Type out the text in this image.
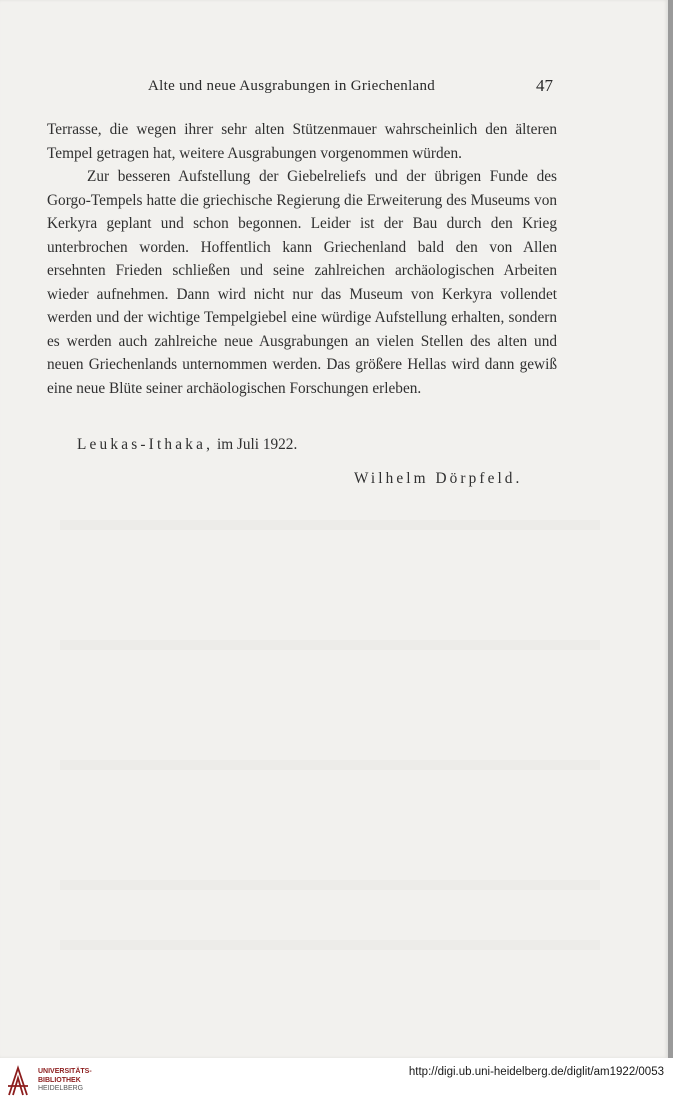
Alte und neue Ausgrabungen in Griechenland	47

Terrasse, die wegen ihrer sehr alten Stützenmauer wahrscheinlich den älteren Tempel getragen hat, weitere Ausgrabungen vorgenommen würden.

Zur besseren Aufstellung der Giebelreliefs und der übrigen Funde des Gorgo-Tempels hatte die griechische Regierung die Erweiterung des Museums von Kerkyra geplant und schon begonnen. Leider ist der Bau durch den Krieg unterbrochen worden. Hoffentlich kann Griechenland bald den von Allen ersehnten Frieden schließen und seine zahlreichen archäologischen Arbeiten wieder aufnehmen. Dann wird nicht nur das Museum von Kerkyra vollendet werden und der wichtige Tempelgiebel eine würdige Aufstellung erhalten, sondern es werden auch zahlreiche neue Ausgrabungen an vielen Stellen des alten und neuen Griechenlands unternommen werden. Das größere Hellas wird dann gewiß eine neue Blüte seiner archäologischen Forschungen erleben.

Leukas-Ithaka, im Juli 1922.
Wilhelm Dörpfeld.
UNIVERSITÄTS-
BIBLIOTHEK
HEIDELBERG
http://digi.ub.uni-heidelberg.de/diglit/am1922/0053
